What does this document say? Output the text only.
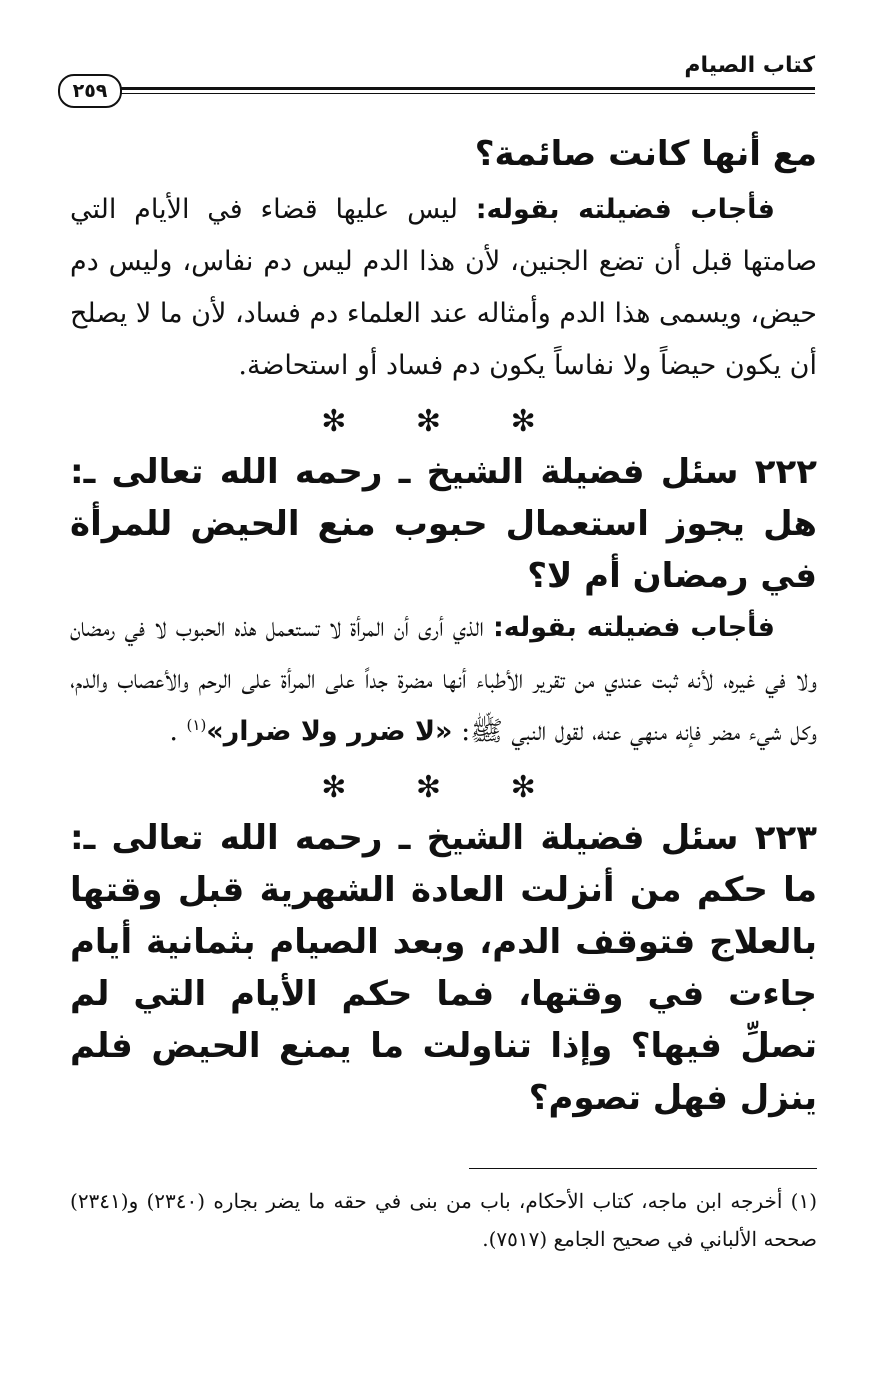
كتاب الصيام
٢٥٩

مع أنها كانت صائمة؟

فأجاب فضيلته بقوله: ليس عليها قضاء في الأيام التي صامتها قبل أن تضع الجنين، لأن هذا الدم ليس دم نفاس، وليس دم حيض، ويسمى هذا الدم وأمثاله عند العلماء دم فساد، لأن ما لا يصلح أن يكون حيضاً ولا نفاساً يكون دم فساد أو استحاضة.

✻ ✻ ✻

٢٢٢ سئل فضيلة الشيخ ـ رحمه الله تعالى ـ: هل يجوز استعمال حبوب منع الحيض للمرأة في رمضان أم لا؟

فأجاب فضيلته بقوله: الذي أرى أن المرأة لا تستعمل هذه الحبوب لا في رمضان ولا في غيره، لأنه ثبت عندي من تقرير الأطباء أنها مضرة جداً على المرأة على الرحم والأعصاب والدم، وكل شيء مضر فإنه منهي عنه، لقول النبي ﷺ: «لا ضرر ولا ضرار»$^{(١)}$ .

✻ ✻ ✻

٢٢٣ سئل فضيلة الشيخ ـ رحمه الله تعالى ـ: ما حكم من أنزلت العادة الشهرية قبل وقتها بالعلاج فتوقف الدم، وبعد الصيام بثمانية أيام جاءت في وقتها، فما حكم الأيام التي لم تصلِّ فيها؟ وإذا تناولت ما يمنع الحيض فلم ينزل فهل تصوم؟

(١) أخرجه ابن ماجه، كتاب الأحكام، باب من بنى في حقه ما يضر بجاره (٢٣٤٠) و(٢٣٤١) صححه الألباني في صحيح الجامع (٧٥١٧).
